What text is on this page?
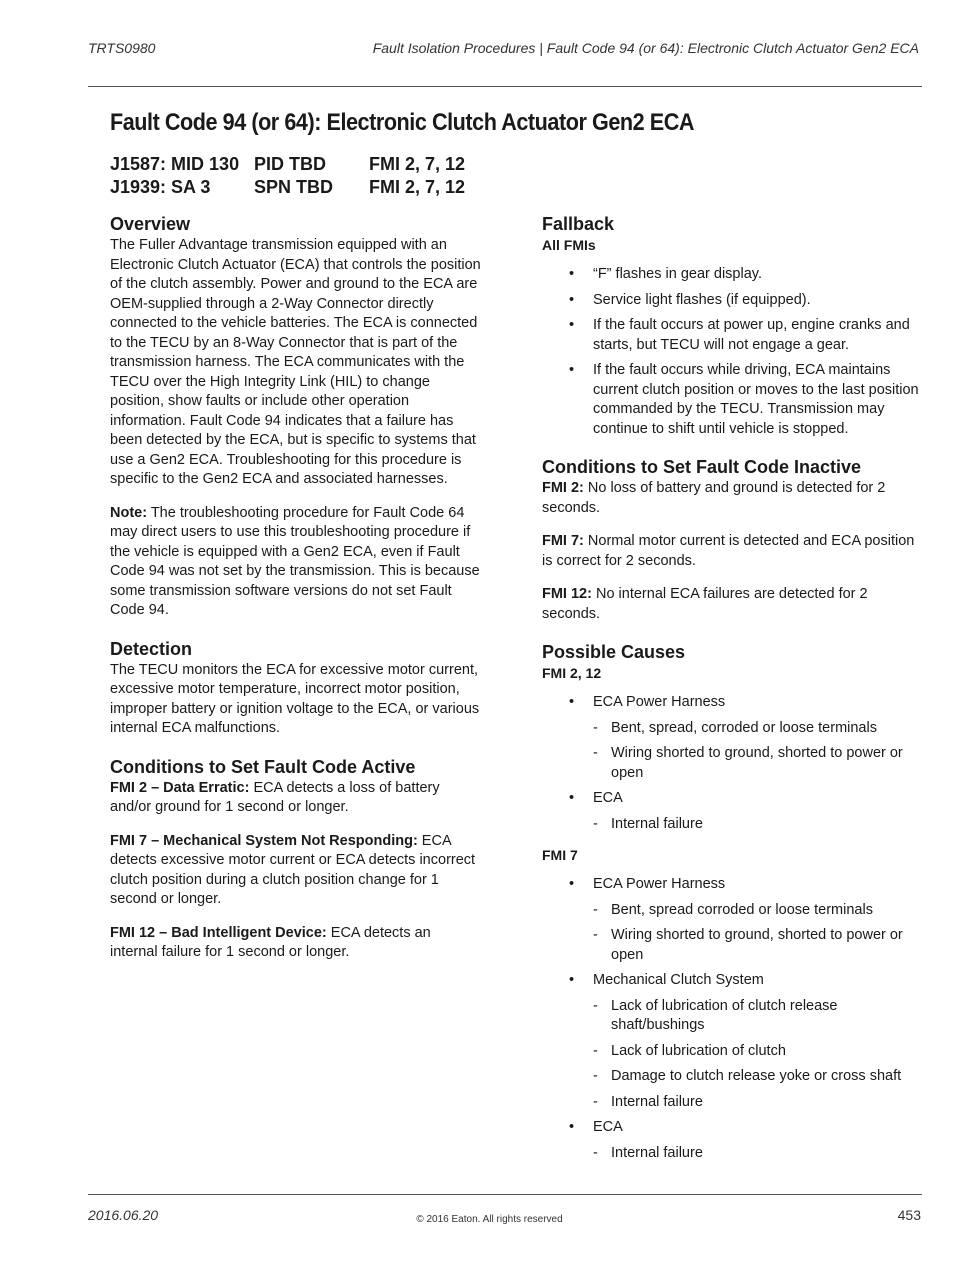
TRTS0980	Fault Isolation Procedures | Fault Code 94 (or 64): Electronic Clutch Actuator Gen2 ECA
Fault Code 94 (or 64): Electronic Clutch Actuator Gen2 ECA
J1587: MID 130 PID TBD FMI 2, 7, 12
J1939: SA 3 SPN TBD FMI 2, 7, 12
Overview

The Fuller Advantage transmission equipped with an Electronic Clutch Actuator (ECA) that controls the position of the clutch assembly. Power and ground to the ECA are OEM-supplied through a 2-Way Connector directly connected to the vehicle batteries. The ECA is connected to the TECU by an 8-Way Connector that is part of the transmission harness. The ECA communicates with the TECU over the High Integrity Link (HIL) to change position, show faults or include other operation information. Fault Code 94 indicates that a failure has been detected by the ECA, but is specific to systems that use a Gen2 ECA. Troubleshooting for this procedure is specific to the Gen2 ECA and associated harnesses.

Note: The troubleshooting procedure for Fault Code 64 may direct users to use this troubleshooting procedure if the vehicle is equipped with a Gen2 ECA, even if Fault Code 94 was not set by the transmission. This is because some transmission software versions do not set Fault Code 94.

Detection

The TECU monitors the ECA for excessive motor current, excessive motor temperature, incorrect motor position, improper battery or ignition voltage to the ECA, or various internal ECA malfunctions.

Conditions to Set Fault Code Active

FMI 2 – Data Erratic: ECA detects a loss of battery and/or ground for 1 second or longer.

FMI 7 – Mechanical System Not Responding: ECA detects excessive motor current or ECA detects incorrect clutch position during a clutch position change for 1 second or longer.

FMI 12 – Bad Intelligent Device: ECA detects an internal failure for 1 second or longer.

Fallback
All FMIs
• “F” flashes in gear display.
• Service light flashes (if equipped).
• If the fault occurs at power up, engine cranks and starts, but TECU will not engage a gear.
• If the fault occurs while driving, ECA maintains current clutch position or moves to the last position commanded by the TECU. Transmission may continue to shift until vehicle is stopped.
Conditions to Set Fault Code Inactive

FMI 2: No loss of battery and ground is detected for 2 seconds.

FMI 7: Normal motor current is detected and ECA position is correct for 2 seconds.

FMI 12: No internal ECA failures are detected for 2 seconds.

Possible Causes
FMI 2, 12
• ECA Power Harness
- Bent, spread, corroded or loose terminals
- Wiring shorted to ground, shorted to power or open
• ECA
- Internal failure
FMI 7
• ECA Power Harness
- Bent, spread corroded or loose terminals
- Wiring shorted to ground, shorted to power or open
• Mechanical Clutch System
- Lack of lubrication of clutch release shaft/bushings
- Lack of lubrication of clutch
- Damage to clutch release yoke or cross shaft
- Internal failure
• ECA
- Internal failure
2016.06.20	© 2016 Eaton. All rights reserved	453
